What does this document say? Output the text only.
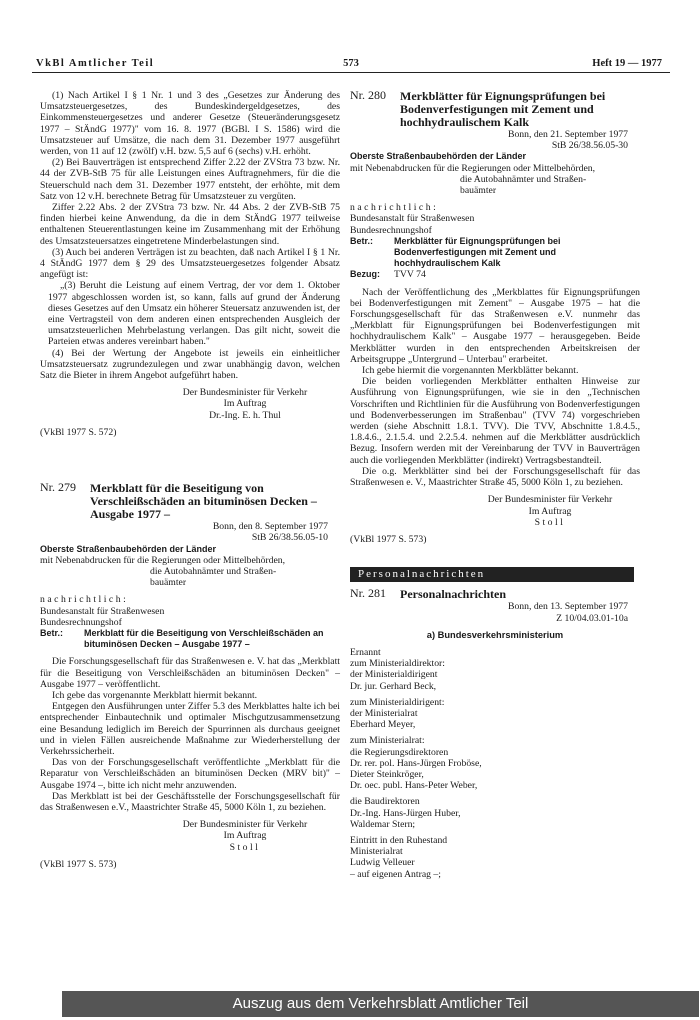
VkBl Amtlicher Teil	573	Heft 19 — 1977

(1) Nach Artikel I § 1 Nr. 1 und 3 des „Gesetzes zur Änderung des Umsatzsteuergesetzes, des Bundeskindergeldgesetzes, des Einkommensteuergesetzes und anderer Gesetze (Steueränderungsgesetz 1977 – StÄndG 1977)" vom 16. 8. 1977 (BGBl. I S. 1586) wird die Umsatzsteuer auf Umsätze, die nach dem 31. Dezember 1977 ausgeführt werden, von 11 auf 12 (zwölf) v.H. bzw. 5,5 auf 6 (sechs) v.H. erhöht.

(2) Bei Bauverträgen ist entsprechend Ziffer 2.22 der ZVStra 73 bzw. Nr. 44 der ZVB-StB 75 für alle Leistungen eines Auftragnehmers, für die die Steuerschuld nach dem 31. Dezember 1977 entsteht, der erhöhte, mit dem Satz von 12 v.H. berechnete Betrag für Umsatzsteuer zu vergüten.

Ziffer 2.22 Abs. 2 der ZVStra 73 bzw. Nr. 44 Abs. 2 der ZVB-StB 75 finden hierbei keine Anwendung, da die in dem StÄndG 1977 teilweise enthaltenen Steuerentlastungen keine im Zusammenhang mit der Erhöhung des Umsatzsteuersatzes eingetretene Minderbelastungen sind.

(3) Auch bei anderen Verträgen ist zu beachten, daß nach Artikel I § 1 Nr. 4 StÄndG 1977 dem § 29 des Umsatzsteuergesetzes folgender Absatz angefügt ist:

„(3) Beruht die Leistung auf einem Vertrag, der vor dem 1. Oktober 1977 abgeschlossen worden ist, so kann, falls auf grund der Änderung dieses Gesetzes auf den Umsatz ein höherer Steuersatz anzuwenden ist, der eine Vertragsteil von dem anderen einen entsprechenden Ausgleich der umsatzsteuerlichen Mehrbelastung verlangen. Das gilt nicht, soweit die Parteien etwas anderes vereinbart haben."

(4) Bei der Wertung der Angebote ist jeweils ein einheitlicher Umsatzsteuersatz zugrundezulegen und zwar unabhängig davon, welchen Satz die Bieter in ihrem Angebot aufgeführt haben.

Der Bundesminister für Verkehr
Im Auftrag
Dr.-Ing. E. h. Thul

(VkBl 1977 S. 572)

Nr. 279	Merkblatt für die Beseitigung von Verschleißschäden an bituminösen Decken – Ausgabe 1977 –
Bonn, den 8. September 1977
StB 26/38.56.05-10
Oberste Straßenbaubehörden der Länder
mit Nebenabdrucken für die Regierungen oder Mittelbehörden,
die Autobahnämter und Straßen-
bauämter
nachrichtlich:
Bundesanstalt für Straßenwesen
Bundesrechnungshof
Betr.:	Merkblatt für die Beseitigung von Verschleißschäden an bituminösen Decken – Ausgabe 1977 –

Die Forschungsgesellschaft für das Straßenwesen e. V. hat das „Merkblatt für die Beseitigung von Verschleißschäden an bituminösen Decken" – Ausgabe 1977 – veröffentlicht.

Ich gebe das vorgenannte Merkblatt hiermit bekannt.

Entgegen den Ausführungen unter Ziffer 5.3 des Merkblattes halte ich bei entsprechender Einbautechnik und optimaler Mischgutzusammensetzung eine Besandung lediglich im Bereich der Spurrinnen als durchaus geeignet und in vielen Fällen ausreichende Maßnahme zur Wiederherstellung der Verkehrssicherheit.

Das von der Forschungsgesellschaft veröffentlichte „Merkblatt für die Reparatur von Verschleißschäden an bituminösen Decken (MRV bit)" – Ausgabe 1974 –, bitte ich nicht mehr anzuwenden.

Das Merkblatt ist bei der Geschäftsstelle der Forschungsgesellschaft für das Straßenwesen e.V., Maastrichter Straße 45, 5000 Köln 1, zu beziehen.

Der Bundesminister für Verkehr
Im Auftrag
Stoll

(VkBl 1977 S. 573)

Nr. 280	Merkblätter für Eignungsprüfungen bei Bodenverfestigungen mit Zement und hochhydraulischem Kalk
Bonn, den 21. September 1977
StB 26/38.56.05-30
Oberste Straßenbaubehörden der Länder
mit Nebenabdrucken für die Regierungen oder Mittelbehörden,
die Autobahnämter und Straßen-
bauämter
nachrichtlich:
Bundesanstalt für Straßenwesen
Bundesrechnungshof
Betr.:	Merkblätter für Eignungsprüfungen bei Bodenverfestigungen mit Zement und hochhydraulischem Kalk
Bezug:	TVV 74

Nach der Veröffentlichung des „Merkblattes für Eignungsprüfungen bei Bodenverfestigungen mit Zement" – Ausgabe 1975 – hat die Forschungsgesellschaft für das Straßenwesen e.V. nunmehr das „Merkblatt für Eignungsprüfungen bei Bodenverfestigungen mit hochhydraulischem Kalk" – Ausgabe 1977 – herausgegeben. Beide Merkblätter wurden in den entsprechenden Arbeitskreisen der Arbeitsgruppe „Untergrund – Unterbau" erarbeitet.

Ich gebe hiermit die vorgenannten Merkblätter bekannt.

Die beiden vorliegenden Merkblätter enthalten Hinweise zur Ausführung von Eignungsprüfungen, wie sie in den „Technischen Vorschriften und Richtlinien für die Ausführung von Bodenverfestigungen und Bodenverbesserungen im Straßenbau" (TVV 74) vorgeschrieben werden (siehe Abschnitt 1.8.1. TVV). Die TVV, Abschnitte 1.8.4.5., 1.8.4.6., 2.1.5.4. und 2.2.5.4. nehmen auf die Merkblätter ausdrücklich Bezug. Insofern werden mit der Vereinbarung der TVV in Bauverträgen auch die vorliegenden Merkblätter (indirekt) Vertragsbestandteil.

Die o.g. Merkblätter sind bei der Forschungsgesellschaft für das Straßenwesen e. V., Maastrichter Straße 45, 5000 Köln 1, zu beziehen.

Der Bundesminister für Verkehr
Im Auftrag
Stoll

(VkBl 1977 S. 573)

Personalnachrichten
Nr. 281	Personalnachrichten
Bonn, den 13. September 1977
Z 10/04.03.01-10a
a) Bundesverkehrsministerium
Ernannt
zum Ministerialdirektor:
der Ministerialdirigent
Dr. jur. Gerhard Beck,
zum Ministerialdirigent:
der Ministerialrat
Eberhard Meyer,
zum Ministerialrat:
die Regierungsdirektoren
Dr. rer. pol. Hans-Jürgen Froböse,
Dieter Steinkröger,
Dr. oec. publ. Hans-Peter Weber,
die Baudirektoren
Dr.-Ing. Hans-Jürgen Huber,
Waldemar Stern;
Eintritt in den Ruhestand
Ministerialrat
Ludwig Velleuer
– auf eigenen Antrag –;
Auszug aus dem Verkehrsblatt Amtlicher Teil
